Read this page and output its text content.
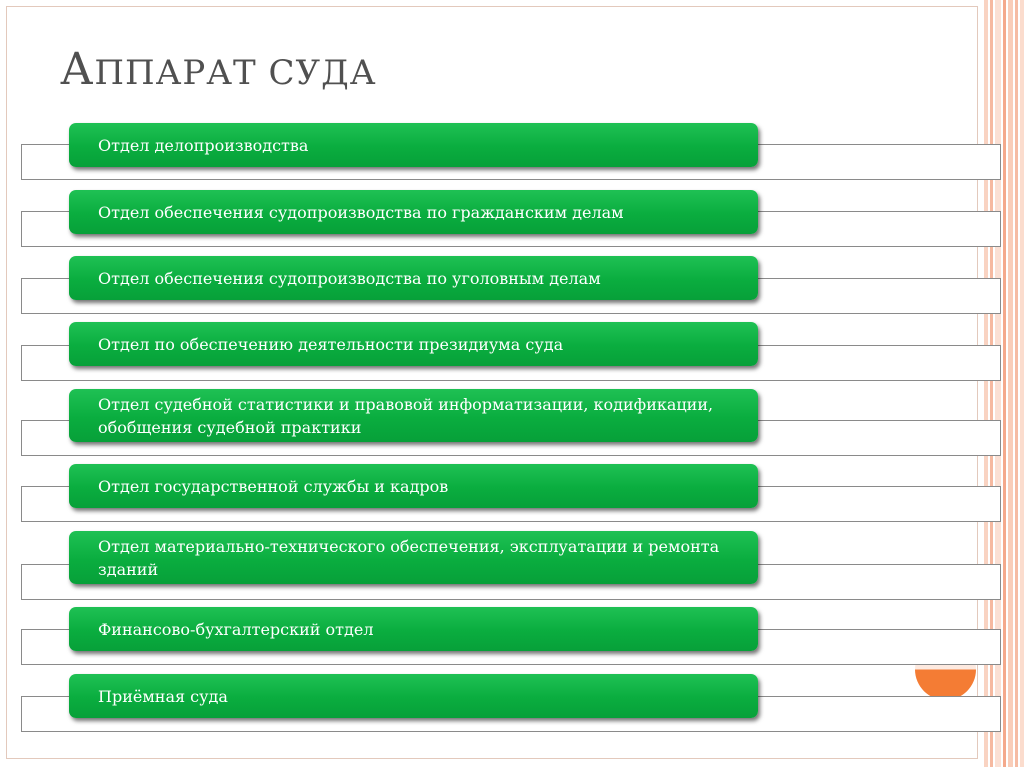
АППАРАТ СУДА
Отдел делопроизводства
Отдел обеспечения судопроизводства по гражданским делам
Отдел обеспечения судопроизводства по уголовным делам
Отдел по обеспечению деятельности президиума суда
Отдел судебной статистики и правовой информатизации, кодификации, обобщения судебной практики
Отдел государственной службы и кадров
Отдел материально-технического обеспечения, эксплуатации и ремонта зданий
Финансово-бухгалтерский отдел
Приёмная суда
